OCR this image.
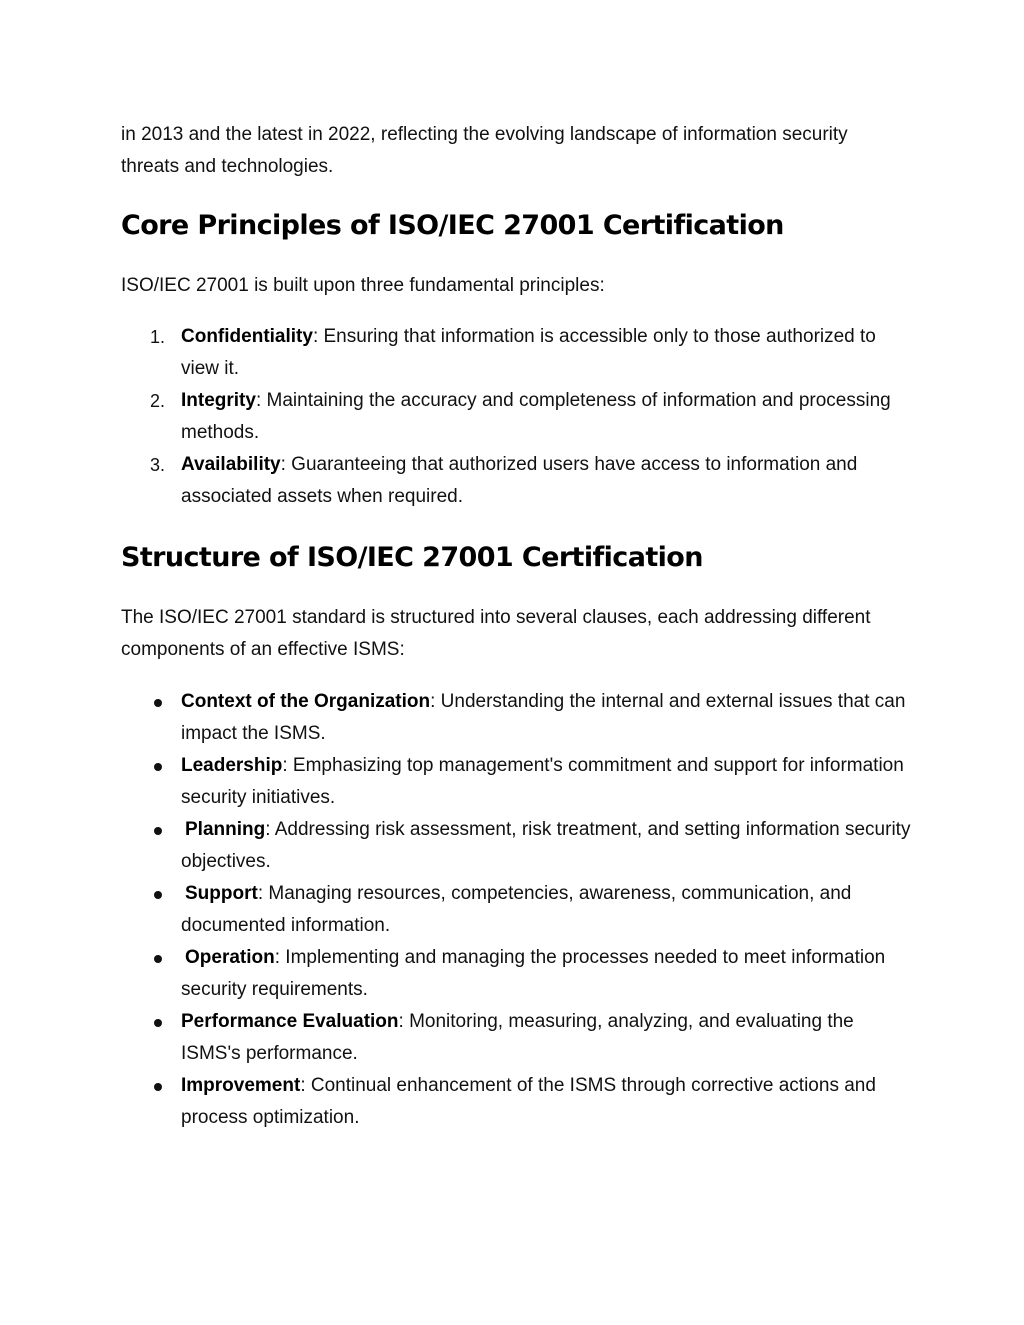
in 2013 and the latest in 2022, reflecting the evolving landscape of information security threats and technologies.

Core Principles of ISO/IEC 27001 Certification

ISO/IEC 27001 is built upon three fundamental principles:

1. Confidentiality: Ensuring that information is accessible only to those authorized to view it.
2. Integrity: Maintaining the accuracy and completeness of information and processing methods.
3. Availability: Guaranteeing that authorized users have access to information and associated assets when required.
Structure of ISO/IEC 27001 Certification

The ISO/IEC 27001 standard is structured into several clauses, each addressing different components of an effective ISMS:

Context of the Organization: Understanding the internal and external issues that can impact the ISMS.
Leadership: Emphasizing top management's commitment and support for information security initiatives.
Planning: Addressing risk assessment, risk treatment, and setting information security objectives.
Support: Managing resources, competencies, awareness, communication, and documented information.
Operation: Implementing and managing the processes needed to meet information security requirements.
Performance Evaluation: Monitoring, measuring, analyzing, and evaluating the ISMS's performance.
Improvement: Continual enhancement of the ISMS through corrective actions and process optimization.
